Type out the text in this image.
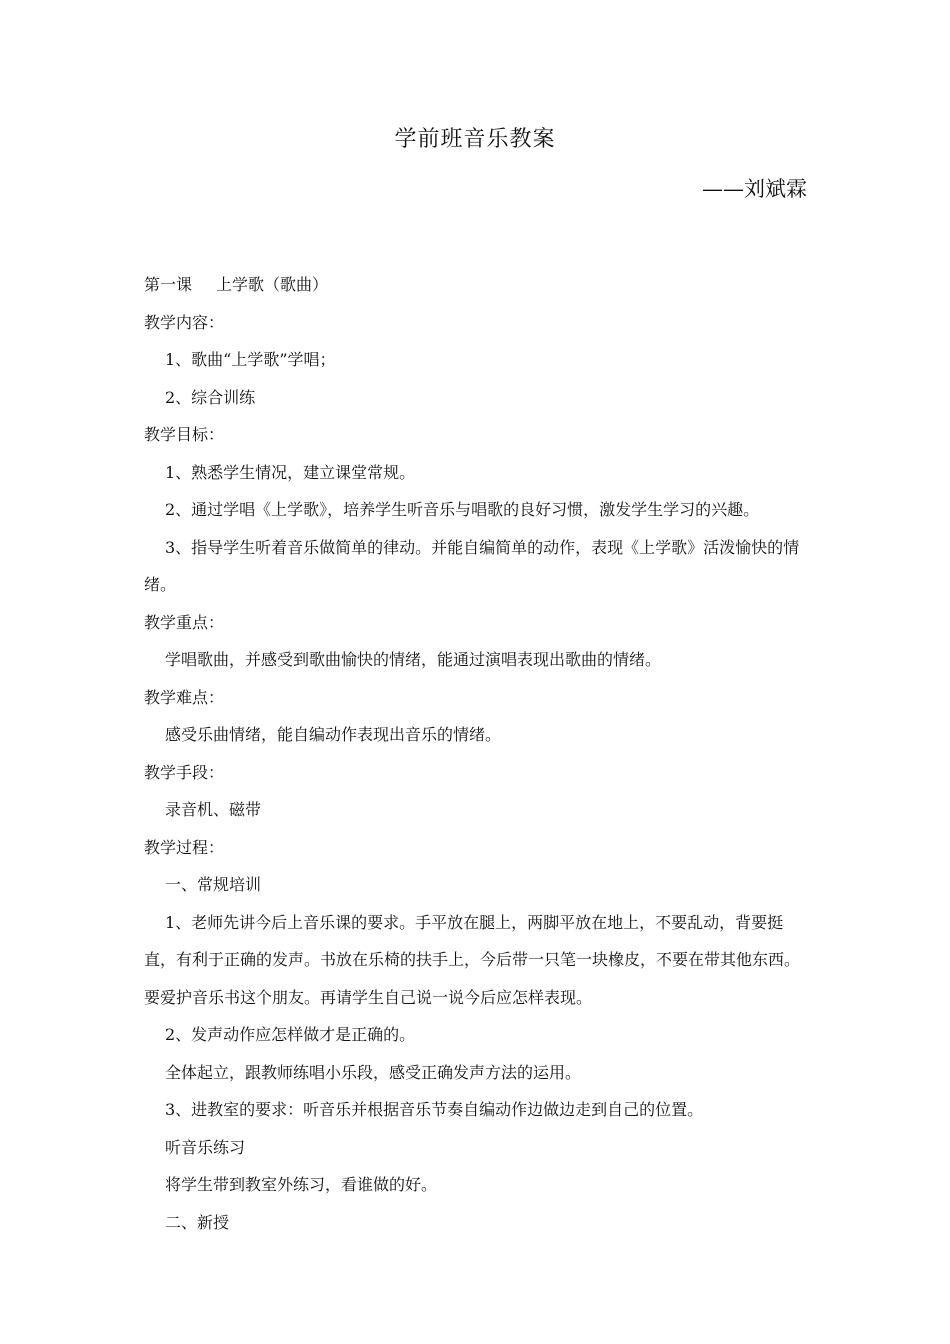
学前班音乐教案
——刘斌霖

第一课 上学歌（歌曲）

教学内容：

1、歌曲“上学歌”学唱；

2、综合训练

教学目标：

1、熟悉学生情况，建立课堂常规。

2、通过学唱《上学歌》，培养学生听音乐与唱歌的良好习惯，激发学生学习的兴趣。

3、指导学生听着音乐做简单的律动。并能自编简单的动作，表现《上学歌》活泼愉快的情绪。

教学重点：

学唱歌曲，并感受到歌曲愉快的情绪，能通过演唱表现出歌曲的情绪。

教学难点：

感受乐曲情绪，能自编动作表现出音乐的情绪。

教学手段：

录音机、磁带

教学过程：

一、常规培训

1、老师先讲今后上音乐课的要求。手平放在腿上，两脚平放在地上，不要乱动，背要挺直，有利于正确的发声。书放在乐椅的扶手上，今后带一只笔一块橡皮，不要在带其他东西。要爱护音乐书这个朋友。再请学生自己说一说今后应怎样表现。

2、发声动作应怎样做才是正确的。

全体起立，跟教师练唱小乐段，感受正确发声方法的运用。

3、进教室的要求：听音乐并根据音乐节奏自编动作边做边走到自己的位置。

听音乐练习

将学生带到教室外练习，看谁做的好。

二、新授
